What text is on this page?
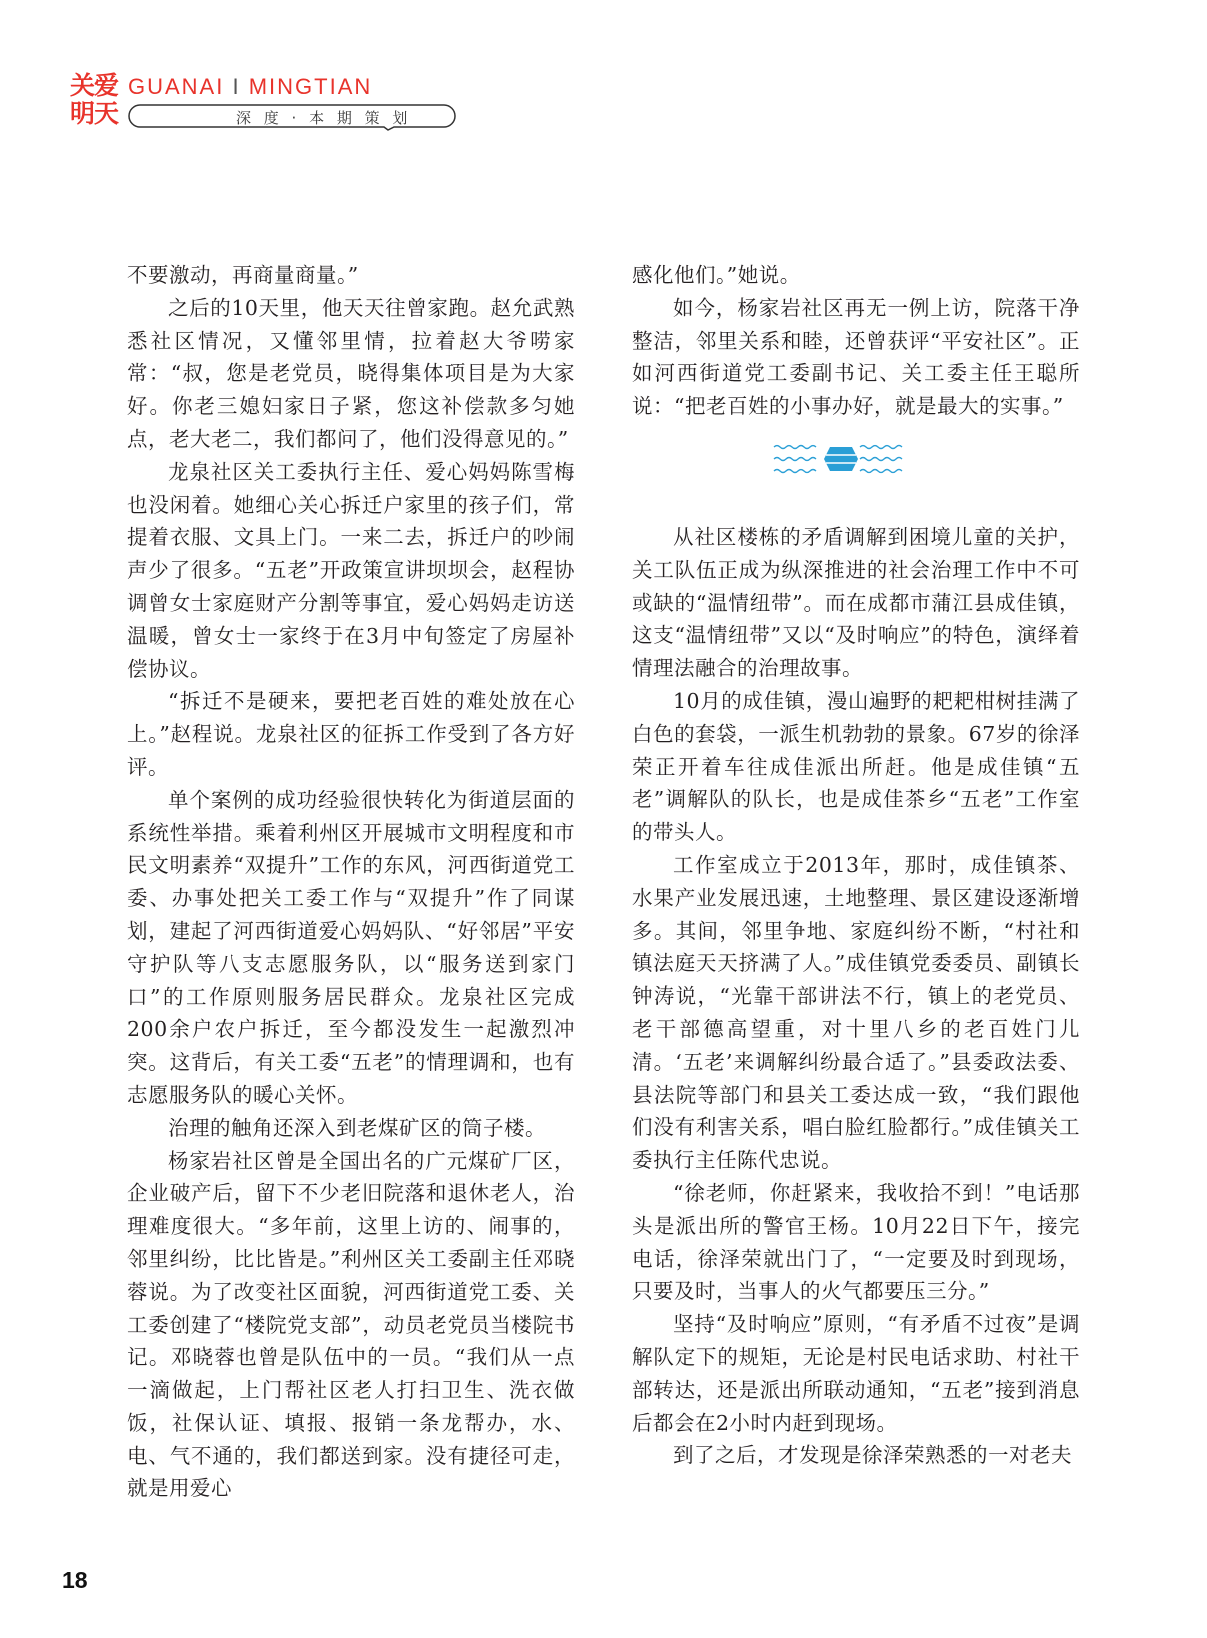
关爱
明天
GUANAI I MINGTIAN
深 度 · 本 期 策 划

不要激动，再商量商量。”

之后的10天里，他天天往曾家跑。赵允武熟悉社区情况，又懂邻里情，拉着赵大爷唠家常：“叔，您是老党员，晓得集体项目是为大家好。你老三媳妇家日子紧，您这补偿款多匀她点，老大老二，我们都问了，他们没得意见的。”

龙泉社区关工委执行主任、爱心妈妈陈雪梅也没闲着。她细心关心拆迁户家里的孩子们，常提着衣服、文具上门。一来二去，拆迁户的吵闹声少了很多。“五老”开政策宣讲坝坝会，赵程协调曾女士家庭财产分割等事宜，爱心妈妈走访送温暖，曾女士一家终于在3月中旬签定了房屋补偿协议。

“拆迁不是硬来，要把老百姓的难处放在心上。”赵程说。龙泉社区的征拆工作受到了各方好评。

单个案例的成功经验很快转化为街道层面的系统性举措。乘着利州区开展城市文明程度和市民文明素养“双提升”工作的东风，河西街道党工委、办事处把关工委工作与“双提升”作了同谋划，建起了河西街道爱心妈妈队、“好邻居”平安守护队等八支志愿服务队，以“服务送到家门口”的工作原则服务居民群众。龙泉社区完成200余户农户拆迁，至今都没发生一起激烈冲突。这背后，有关工委“五老”的情理调和，也有志愿服务队的暖心关怀。

治理的触角还深入到老煤矿区的筒子楼。

杨家岩社区曾是全国出名的广元煤矿厂区，企业破产后，留下不少老旧院落和退休老人，治理难度很大。“多年前，这里上访的、闹事的，邻里纠纷，比比皆是。”利州区关工委副主任邓晓蓉说。为了改变社区面貌，河西街道党工委、关工委创建了“楼院党支部”，动员老党员当楼院书记。邓晓蓉也曾是队伍中的一员。“我们从一点一滴做起，上门帮社区老人打扫卫生、洗衣做饭，社保认证、填报、报销一条龙帮办，水、电、气不通的，我们都送到家。没有捷径可走，就是用爱心

感化他们。”她说。

如今，杨家岩社区再无一例上访，院落干净整洁，邻里关系和睦，还曾获评“平安社区”。正如河西街道党工委副书记、关工委主任王聪所说：“把老百姓的小事办好，就是最大的实事。”

从社区楼栋的矛盾调解到困境儿童的关护，关工队伍正成为纵深推进的社会治理工作中不可或缺的“温情纽带”。而在成都市蒲江县成佳镇，这支“温情纽带”又以“及时响应”的特色，演绎着情理法融合的治理故事。

10月的成佳镇，漫山遍野的耙耙柑树挂满了白色的套袋，一派生机勃勃的景象。67岁的徐泽荣正开着车往成佳派出所赶。他是成佳镇“五老”调解队的队长，也是成佳茶乡“五老”工作室的带头人。

工作室成立于2013年，那时，成佳镇茶、水果产业发展迅速，土地整理、景区建设逐渐增多。其间，邻里争地、家庭纠纷不断，“村社和镇法庭天天挤满了人。”成佳镇党委委员、副镇长钟涛说，“光靠干部讲法不行，镇上的老党员、老干部德高望重，对十里八乡的老百姓门儿清。‘五老’来调解纠纷最合适了。”县委政法委、县法院等部门和县关工委达成一致，“我们跟他们没有利害关系，唱白脸红脸都行。”成佳镇关工委执行主任陈代忠说。

“徐老师，你赶紧来，我收拾不到！”电话那头是派出所的警官王杨。10月22日下午，接完电话，徐泽荣就出门了，“一定要及时到现场，只要及时，当事人的火气都要压三分。”

坚持“及时响应”原则，“有矛盾不过夜”是调解队定下的规矩，无论是村民电话求助、村社干部转达，还是派出所联动通知，“五老”接到消息后都会在2小时内赶到现场。

到了之后，才发现是徐泽荣熟悉的一对老夫

18
